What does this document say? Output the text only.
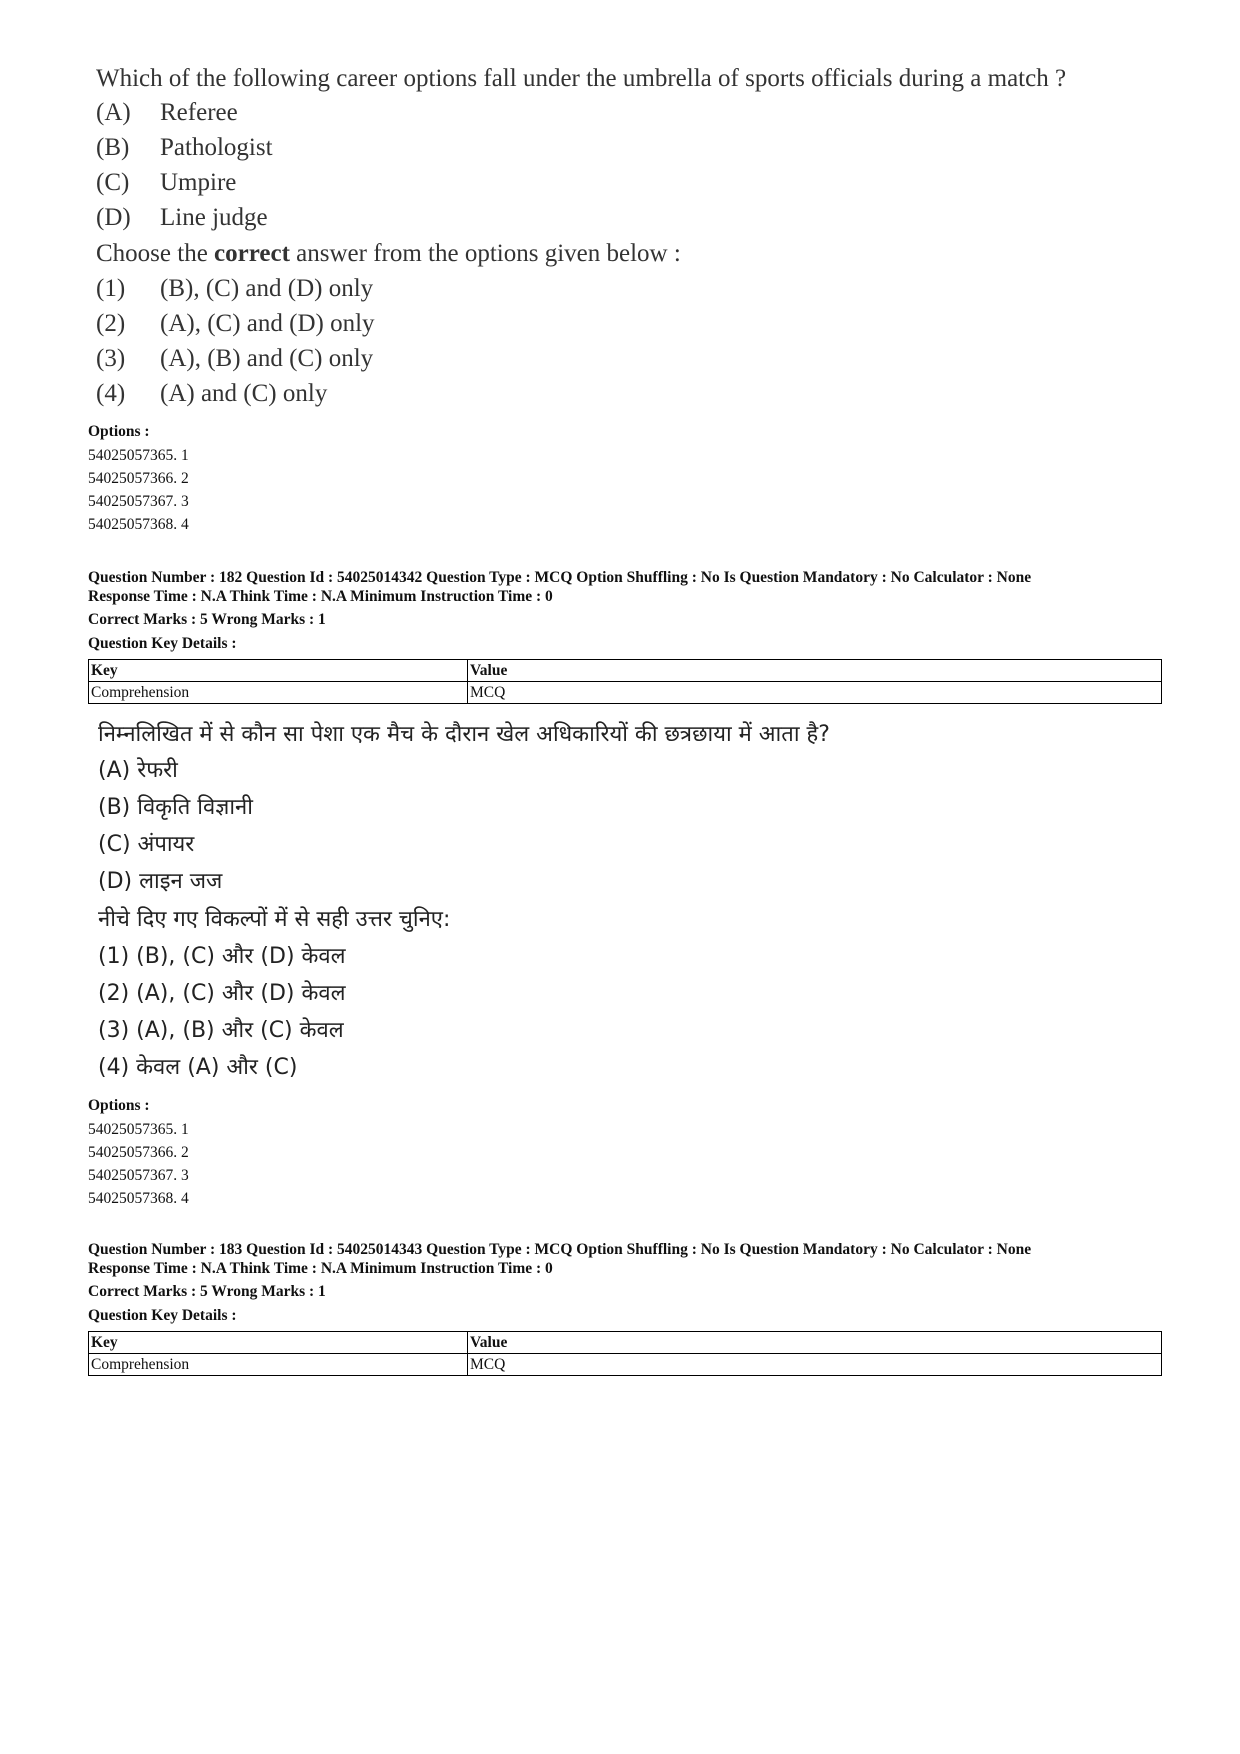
Which of the following career options fall under the umbrella of sports officials during a match ?
(A) Referee
(B) Pathologist
(C) Umpire
(D) Line judge
Choose the correct answer from the options given below :
(1) (B), (C) and (D) only
(2) (A), (C) and (D) only
(3) (A), (B) and (C) only
(4) (A) and (C) only
Options :
54025057365. 1
54025057366. 2
54025057367. 3
54025057368. 4
Question Number : 182 Question Id : 54025014342 Question Type : MCQ Option Shuffling : No Is Question Mandatory : No Calculator : None
Response Time : N.A Think Time : N.A Minimum Instruction Time : 0
Correct Marks : 5 Wrong Marks : 1
Question Key Details :
Key	Value
Comprehension	MCQ
निम्नलिखित में से कौन सा पेशा एक मैच के दौरान खेल अधिकारियों की छत्रछाया में आता है?
(A) रेफरी
(B) विकृति विज्ञानी
(C) अंपायर
(D) लाइन जज
नीचे दिए गए विकल्पों में से सही उत्तर चुनिए:
(1) (B), (C) और (D) केवल
(2) (A), (C) और (D) केवल
(3) (A), (B) और (C) केवल
(4) केवल (A) और (C)
Options :
54025057365. 1
54025057366. 2
54025057367. 3
54025057368. 4
Question Number : 183 Question Id : 54025014343 Question Type : MCQ Option Shuffling : No Is Question Mandatory : No Calculator : None
Response Time : N.A Think Time : N.A Minimum Instruction Time : 0
Correct Marks : 5 Wrong Marks : 1
Question Key Details :
Key	Value
Comprehension	MCQ
